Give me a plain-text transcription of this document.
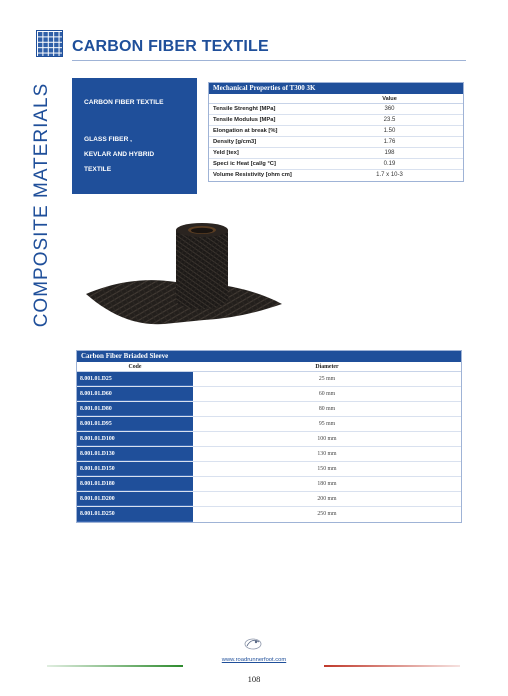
CARBON FIBER TEXTILE
COMPOSITE MATERIALS	CARBON FIBER TEXTILE
GLASS FIBER ,
KEVLAR AND HYBRID
TEXTILE
Mechanical Properties of T300 3K
Value
Tensile Strenght [MPa]	360
Tensile Modulus [MPa]	23.5
Elongation at break [%]	1.50
Density [g/cm3]	1.76
Yeld [tex]	198
Speci ic Heat [cal/g °C]	0.19
Volume Resistivity [ohm cm]	1.7 x 10-3
Carbon Fiber Briaded Sleeve
Code	Diameter
8.001.01.D25	25 mm
8.001.01.D60	60 mm
8.001.01.D80	80 mm
8.001.01.D95	95 mm
8.001.01.D100	100 mm
8.001.01.D130	130 mm
8.001.01.D150	150 mm
8.001.01.D180	180 mm
8.001.01.D200	200 mm
8.001.01.D250	250 mm
www.roadrunnerfoot.com
108
